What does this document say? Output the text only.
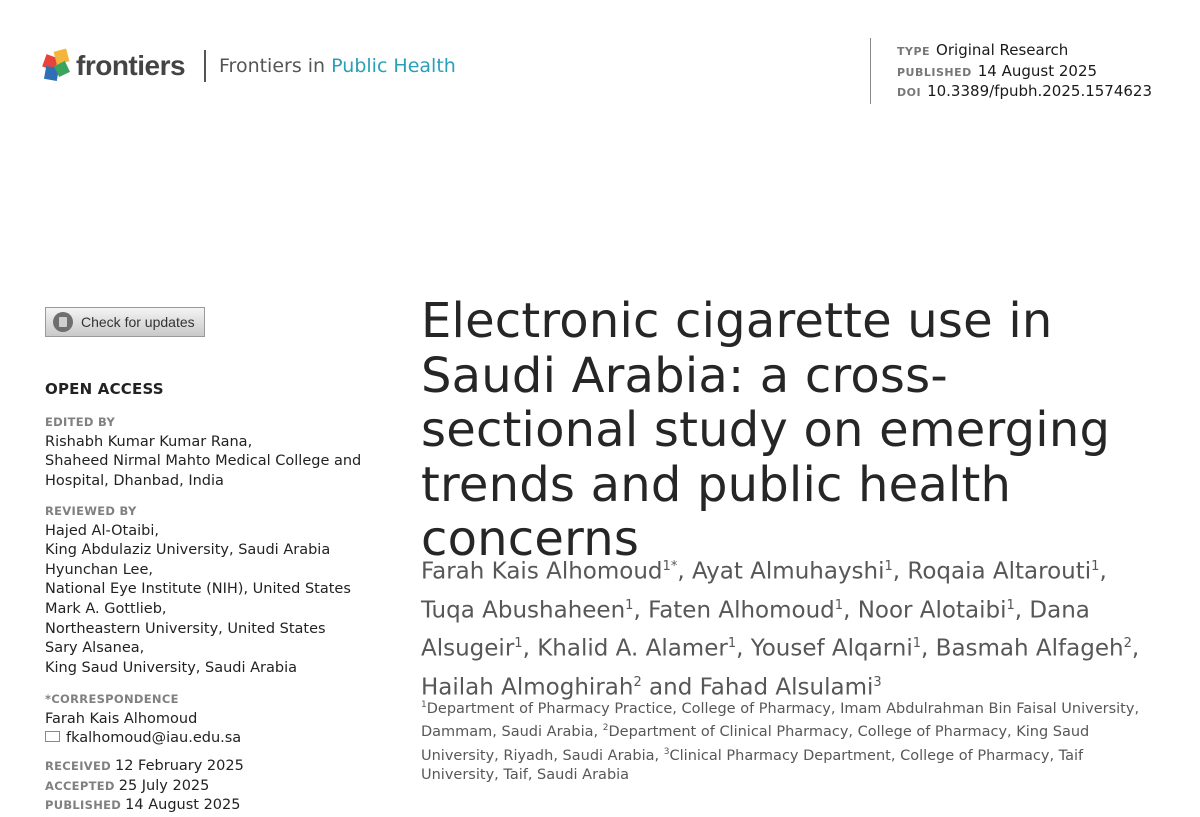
frontiers Frontiers in Public Health
TYPE Original Research
PUBLISHED 14 August 2025
DOI 10.3389/fpubh.2025.1574623
Check for updates
OPEN ACCESS
EDITED BY
Rishabh Kumar Kumar Rana,
Shaheed Nirmal Mahto Medical College and
Hospital, Dhanbad, India
REVIEWED BY
Hajed Al-Otaibi,
King Abdulaziz University, Saudi Arabia
Hyunchan Lee,
National Eye Institute (NIH), United States
Mark A. Gottlieb,
Northeastern University, United States
Sary Alsanea,
King Saud University, Saudi Arabia
*CORRESPONDENCE
Farah Kais Alhomoud
fkalhomoud@iau.edu.sa
RECEIVED 12 February 2025
ACCEPTED 25 July 2025
PUBLISHED 14 August 2025
Electronic cigarette use in Saudi Arabia: a cross-sectional study on emerging trends and public health concerns
Farah Kais Alhomoud$^{1*}$, Ayat Almuhayshi$^1$, Roqaia Altarouti$^1$, Tuqa Abushaheen$^1$, Faten Alhomoud$^1$, Noor Alotaibi$^1$, Dana Alsugeir$^1$, Khalid A. Alamer$^1$, Yousef Alqarni$^1$, Basmah Alfageh$^2$, Hailah Almoghirah$^2$ and Fahad Alsulami$^3$
$^1$Department of Pharmacy Practice, College of Pharmacy, Imam Abdulrahman Bin Faisal University, Dammam, Saudi Arabia, $^2$Department of Clinical Pharmacy, College of Pharmacy, King Saud University, Riyadh, Saudi Arabia, $^3$Clinical Pharmacy Department, College of Pharmacy, Taif University, Taif, Saudi Arabia
